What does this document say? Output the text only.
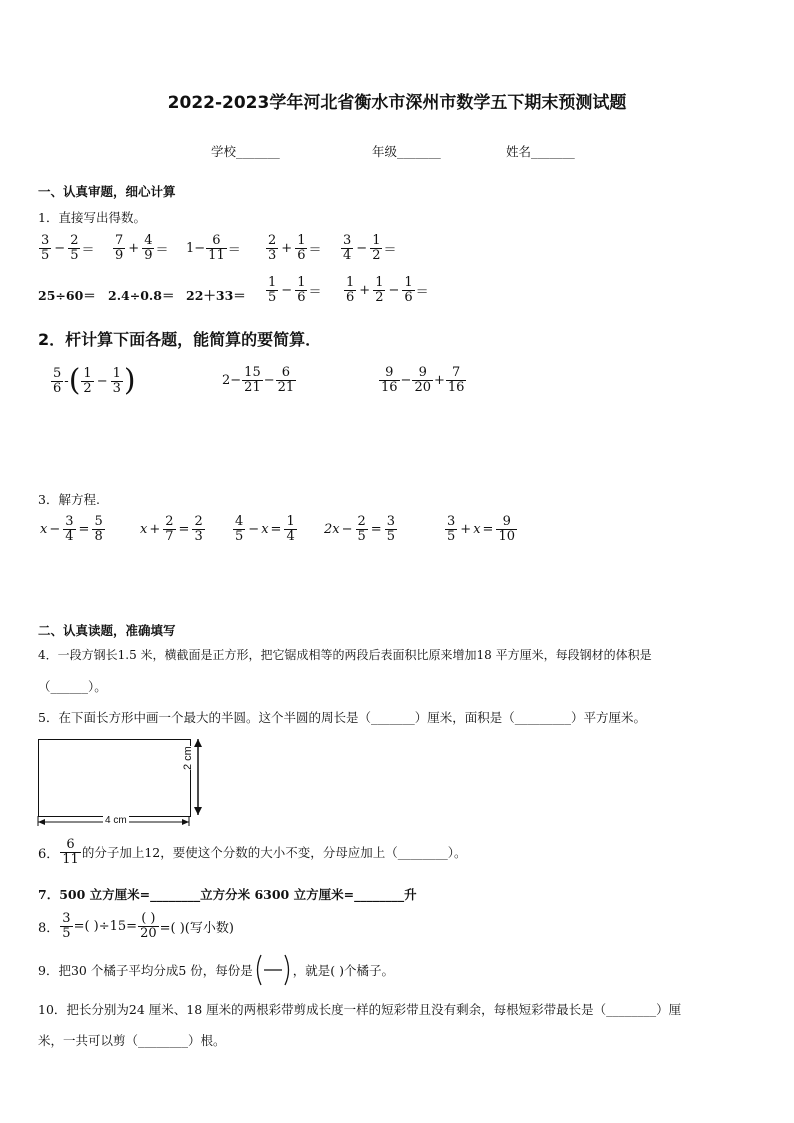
2022-2023学年河北省衡水市深州市数学五下期末预测试题
学校_______	年级_______	姓名_______
一、认真审题，细心计算
1．直接写出得数。
$\frac{3}{5} - \frac{2}{5} = \frac{7}{9} + \frac{4}{9} = 1- \frac{6}{11} = \frac{2}{3} + \frac{1}{6} = \frac{3}{4} - \frac{1}{2}$ ＝
$25\div 60= 2.4\div 0.8= 22+33= \frac{1}{5} - \frac{1}{6} = \frac{1}{6} + \frac{1}{2} - \frac{1}{6}$ ＝
2．杆计算下面各题，能简算的要简算．
$\frac{5}{6}$ - ( $\frac{1}{2} - \frac{1}{3}$ )	$2- \frac{15}{21} - \frac{6}{21}$	$\frac{9}{16} - \frac{9}{20} + \frac{7}{16}$
3．解方程.
$x - \frac{3}{4} = \frac{5}{8}$	$x + \frac{2}{7} = \frac{2}{3} \frac{4}{5} - x = \frac{1}{4} 2x - \frac{2}{5} = \frac{3}{5}$	$\frac{3}{5} + x = \frac{9}{10}$
二、认真读题，准确填写
4．一段方钢长1.5 米，横截面是正方形，把它锯成相等的两段后表面积比原来增加18 平方厘米，每段钢材的体积是
（______）。
5．在下面长方形中画一个最大的半圆。这个半圆的周长是（_______）厘米，面积是（_________）平方厘米。
4 cm
2 cm
6． $\frac{6}{11}$ 的分子加上12，要使这个分数的大小不变，分母应加上（________）。
7．500 立方厘米=________立方分米 6300 立方厘米=________升
8． $\frac{3}{5}$ =( )$\div 15= \frac{( )}{20}$ =( )(写小数)
9．把30 个橘子平均分成5 份，每份是	，就是( )个橘子。
10．把长分别为24 厘米、18 厘米的两根彩带剪成长度一样的短彩带且没有剩余，每根短彩带最长是（________）厘
米，一共可以剪（________）根。
